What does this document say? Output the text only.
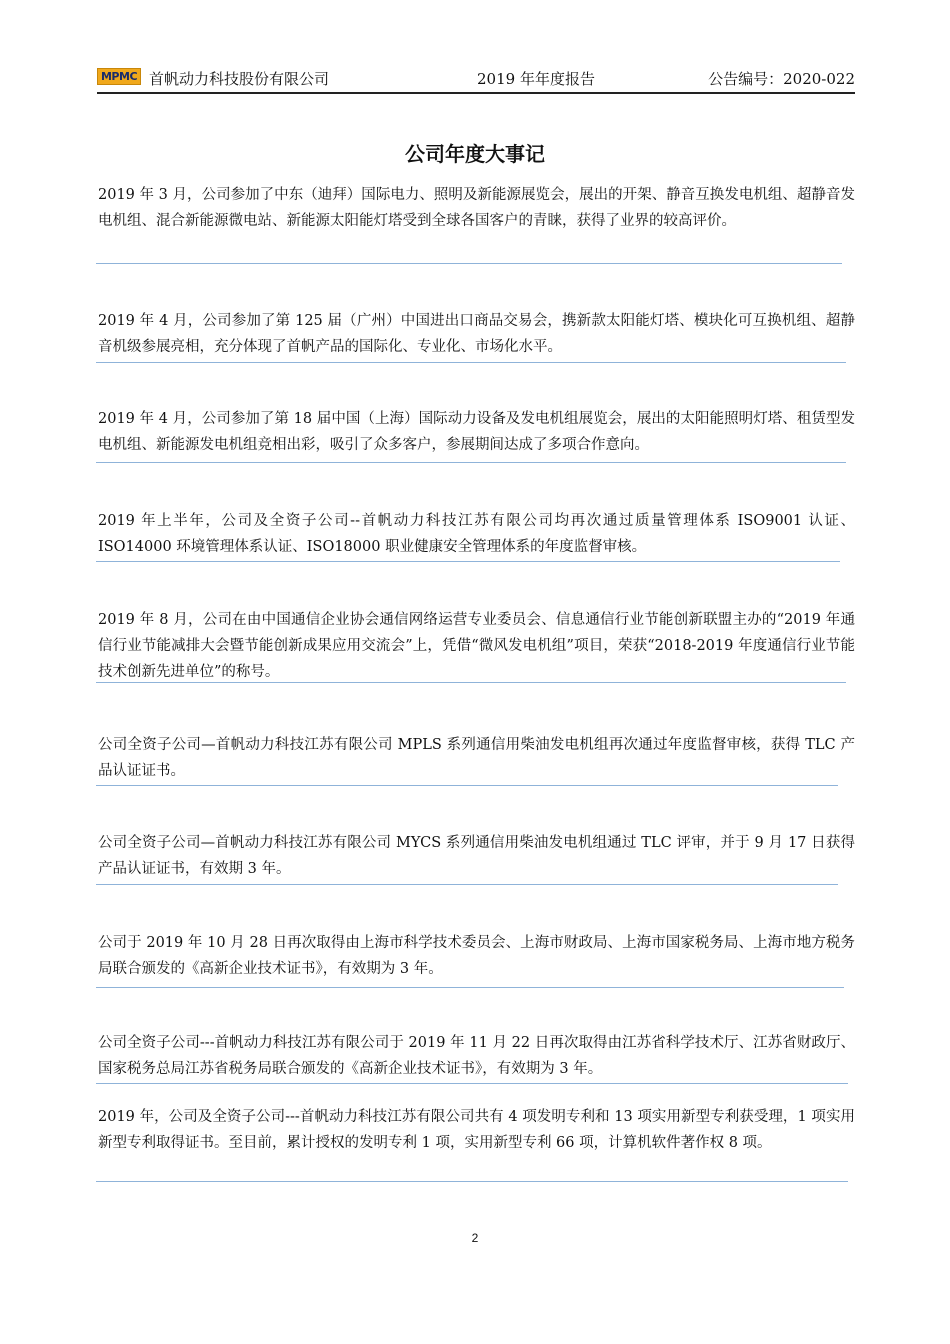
MPMC 首帆动力科技股份有限公司	2019 年年度报告	公告编号：2020-022
公司年度大事记
2019 年 3 月，公司参加了中东（迪拜）国际电力、照明及新能源展览会，展出的开架、静音互换发电机组、超静音发电机组、混合新能源微电站、新能源太阳能灯塔受到全球各国客户的青睐，获得了业界的较高评价。
2019 年 4 月，公司参加了第 125 届（广州）中国进出口商品交易会，携新款太阳能灯塔、模块化可互换机组、超静音机级参展亮相，充分体现了首帆产品的国际化、专业化、市场化水平。
2019 年 4 月，公司参加了第 18 届中国（上海）国际动力设备及发电机组展览会，展出的太阳能照明灯塔、租赁型发电机组、新能源发电机组竞相出彩，吸引了众多客户，参展期间达成了多项合作意向。
2019 年上半年，公司及全资子公司--首帆动力科技江苏有限公司均再次通过质量管理体系 ISO9001 认证、ISO14000 环境管理体系认证、ISO18000 职业健康安全管理体系的年度监督审核。
2019 年 8 月，公司在由中国通信企业协会通信网络运营专业委员会、信息通信行业节能创新联盟主办的“2019 年通信行业节能减排大会暨节能创新成果应用交流会”上，凭借“微风发电机组”项目，荣获“2018-2019 年度通信行业节能技术创新先进单位”的称号。
公司全资子公司—首帆动力科技江苏有限公司 MPLS 系列通信用柴油发电机组再次通过年度监督审核，获得 TLC 产品认证证书。
公司全资子公司—首帆动力科技江苏有限公司 MYCS 系列通信用柴油发电机组通过 TLC 评审，并于 9 月 17 日获得产品认证证书，有效期 3 年。
公司于 2019 年 10 月 28 日再次取得由上海市科学技术委员会、上海市财政局、上海市国家税务局、上海市地方税务局联合颁发的《高新企业技术证书》，有效期为 3 年。
公司全资子公司---首帆动力科技江苏有限公司于 2019 年 11 月 22 日再次取得由江苏省科学技术厅、江苏省财政厅、国家税务总局江苏省税务局联合颁发的《高新企业技术证书》，有效期为 3 年。
2019 年，公司及全资子公司---首帆动力科技江苏有限公司共有 4 项发明专利和 13 项实用新型专利获受理，1 项实用新型专利取得证书。至目前，累计授权的发明专利 1 项，实用新型专利 66 项，计算机软件著作权 8 项。
2
